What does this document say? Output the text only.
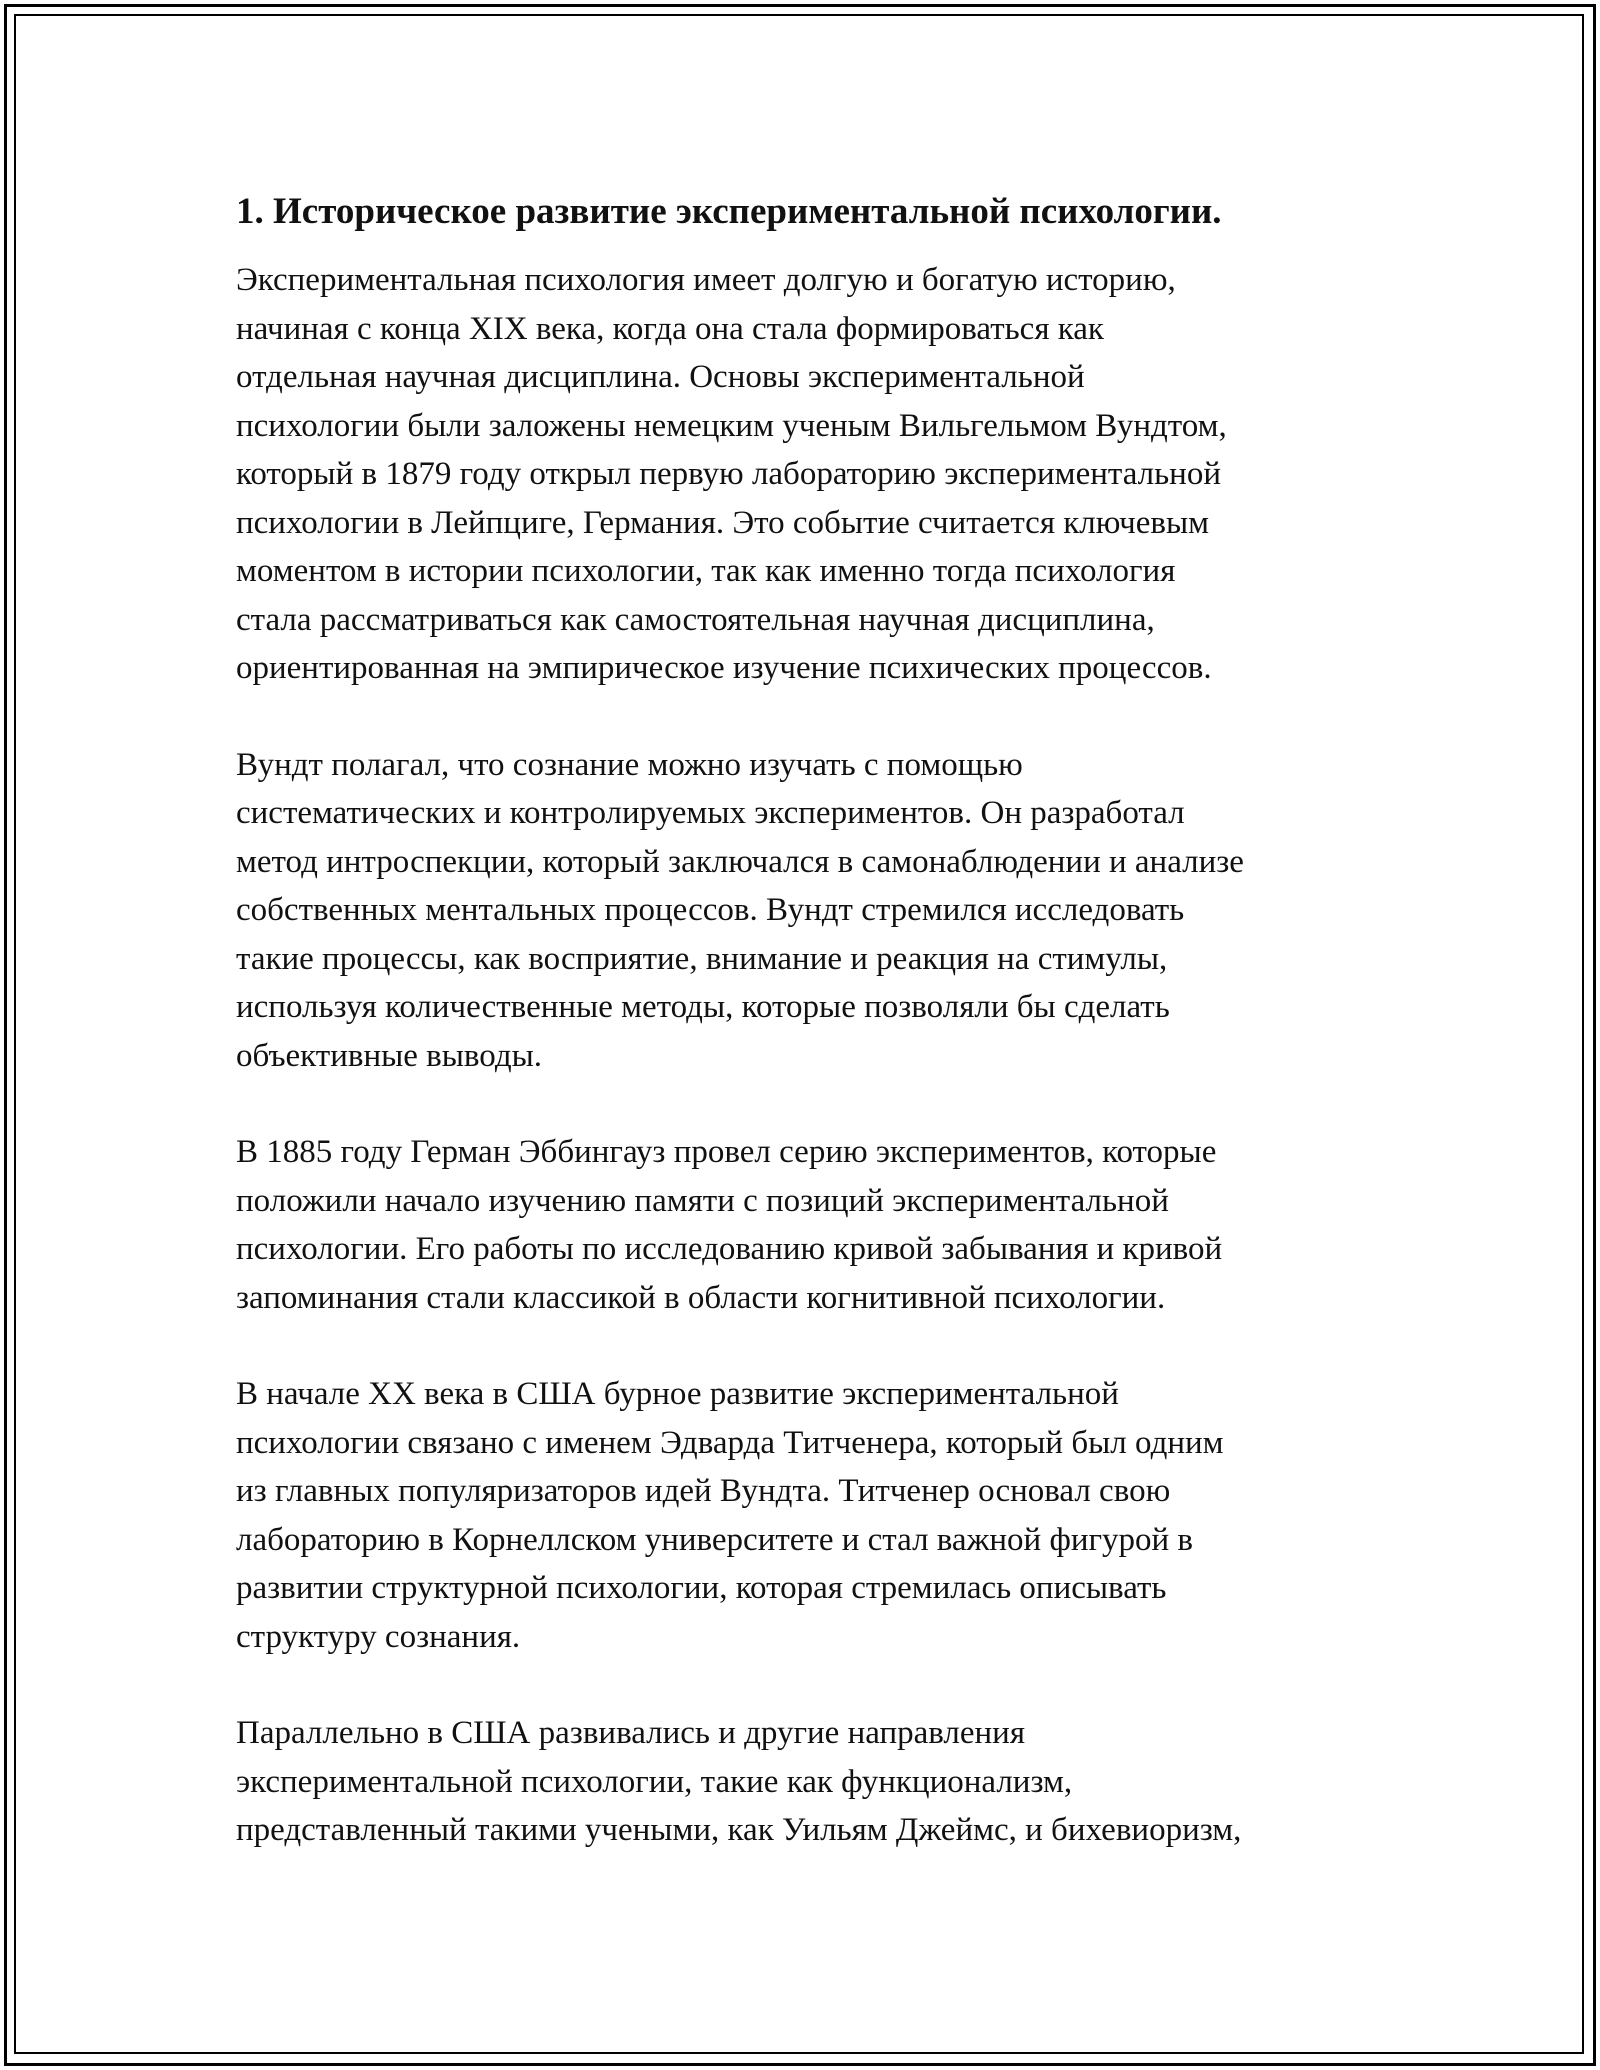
1. Историческое развитие экспериментальной психологии.

Экспериментальная психология имеет долгую и богатую историю,
начиная с конца XIX века, когда она стала формироваться как
отдельная научная дисциплина. Основы экспериментальной
психологии были заложены немецким ученым Вильгельмом Вундтом,
который в 1879 году открыл первую лабораторию экспериментальной
психологии в Лейпциге, Германия. Это событие считается ключевым
моментом в истории психологии, так как именно тогда психология
стала рассматриваться как самостоятельная научная дисциплина,
ориентированная на эмпирическое изучение психических процессов.

Вундт полагал, что сознание можно изучать с помощью
систематических и контролируемых экспериментов. Он разработал
метод интроспекции, который заключался в самонаблюдении и анализе
собственных ментальных процессов. Вундт стремился исследовать
такие процессы, как восприятие, внимание и реакция на стимулы,
используя количественные методы, которые позволяли бы сделать
объективные выводы.

В 1885 году Герман Эббингауз провел серию экспериментов, которые
положили начало изучению памяти с позиций экспериментальной
психологии. Его работы по исследованию кривой забывания и кривой
запоминания стали классикой в области когнитивной психологии.

В начале XX века в США бурное развитие экспериментальной
психологии связано с именем Эдварда Титченера, который был одним
из главных популяризаторов идей Вундта. Титченер основал свою
лабораторию в Корнеллском университете и стал важной фигурой в
развитии структурной психологии, которая стремилась описывать
структуру сознания.

Параллельно в США развивались и другие направления
экспериментальной психологии, такие как функционализм,
представленный такими учеными, как Уильям Джеймс, и бихевиоризм,
